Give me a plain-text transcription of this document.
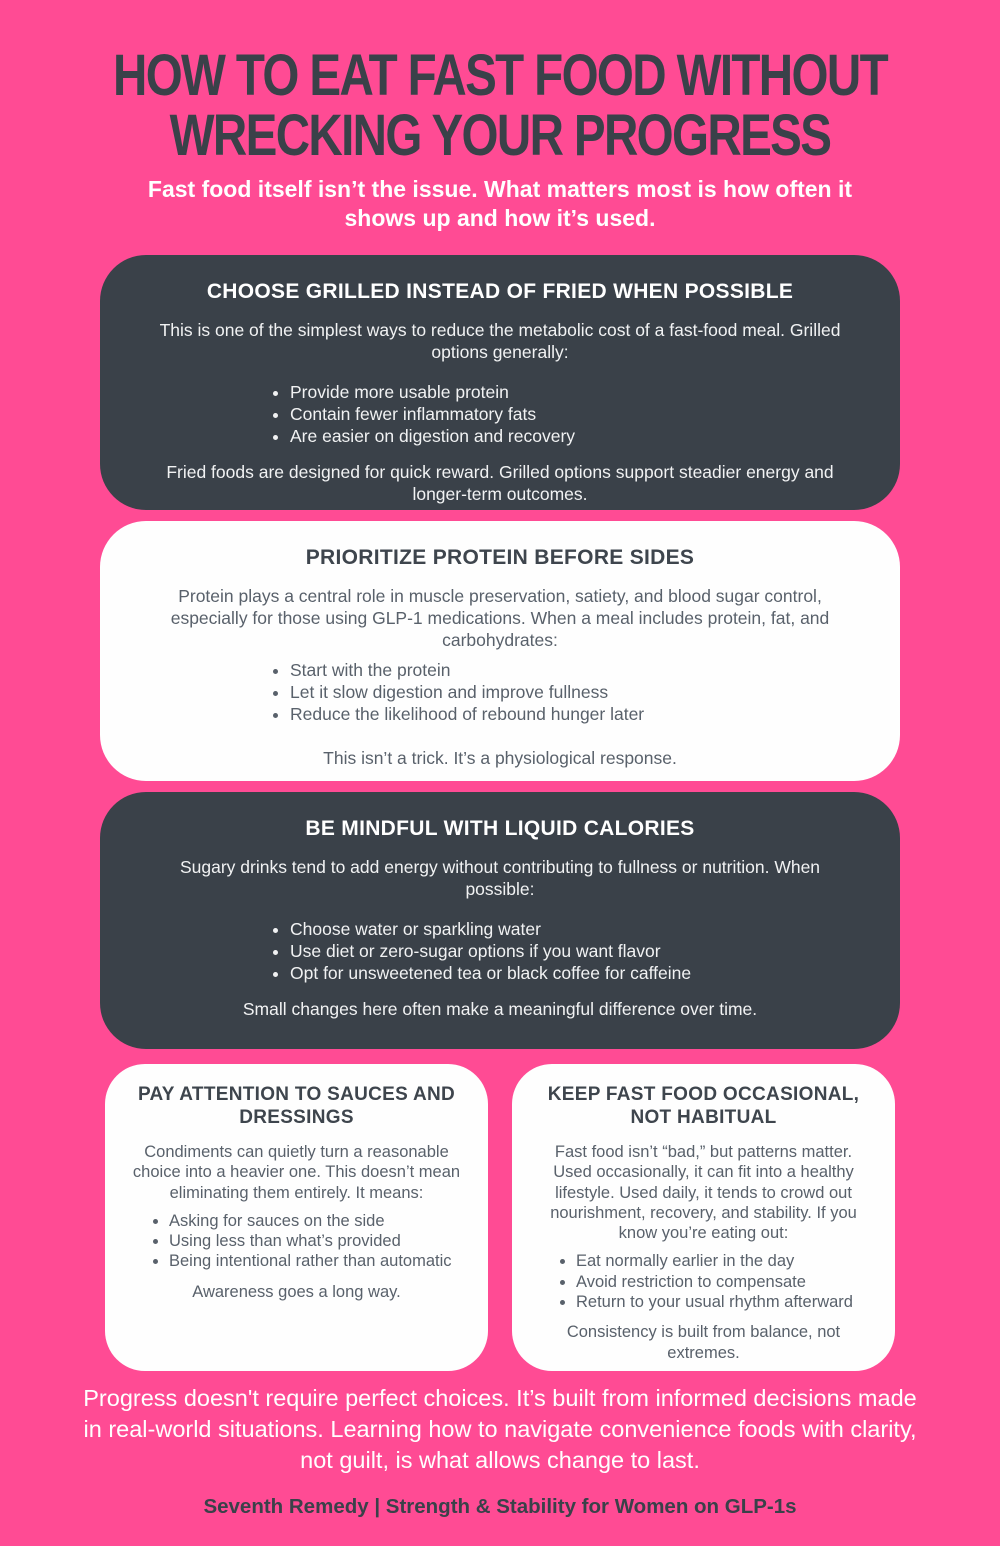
HOW TO EAT FAST FOOD WITHOUT
WRECKING YOUR PROGRESS

Fast food itself isn’t the issue. What matters most is how often it shows up and how it’s used.

CHOOSE GRILLED INSTEAD OF FRIED WHEN POSSIBLE

This is one of the simplest ways to reduce the metabolic cost of a fast-food meal. Grilled options generally:

• Provide more usable protein
• Contain fewer inflammatory fats
• Are easier on digestion and recovery

Fried foods are designed for quick reward. Grilled options support steadier energy and longer-term outcomes.

PRIORITIZE PROTEIN BEFORE SIDES

Protein plays a central role in muscle preservation, satiety, and blood sugar control, especially for those using GLP-1 medications. When a meal includes protein, fat, and carbohydrates:

• Start with the protein
• Let it slow digestion and improve fullness
• Reduce the likelihood of rebound hunger later

This isn’t a trick. It’s a physiological response.

BE MINDFUL WITH LIQUID CALORIES

Sugary drinks tend to add energy without contributing to fullness or nutrition. When possible:

• Choose water or sparkling water
• Use diet or zero-sugar options if you want flavor
• Opt for unsweetened tea or black coffee for caffeine

Small changes here often make a meaningful difference over time.

PAY ATTENTION TO SAUCES AND DRESSINGS

Condiments can quietly turn a reasonable choice into a heavier one. This doesn’t mean eliminating them entirely. It means:

• Asking for sauces on the side
• Using less than what’s provided
• Being intentional rather than automatic

Awareness goes a long way.

KEEP FAST FOOD OCCASIONAL, NOT HABITUAL

Fast food isn’t “bad,” but patterns matter. Used occasionally, it can fit into a healthy lifestyle. Used daily, it tends to crowd out nourishment, recovery, and stability. If you know you’re eating out:

• Eat normally earlier in the day
• Avoid restriction to compensate
• Return to your usual rhythm afterward

Consistency is built from balance, not extremes.

Progress doesn't require perfect choices. It’s built from informed decisions made in real-world situations. Learning how to navigate convenience foods with clarity, not guilt, is what allows change to last.

Seventh Remedy | Strength & Stability for Women on GLP-1s
